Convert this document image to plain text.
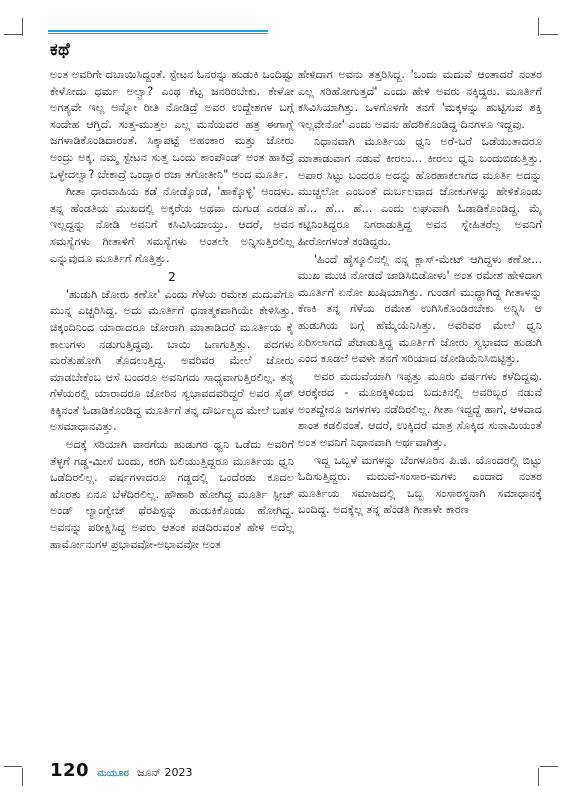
ಕಥೆ

ಅಂತ ಅವರಿಗೇ ದಬಾಯಿಸಿದ್ದಂತೆ. ಸ್ಟೇಟನ ಓನರನ್ನು ಹುಡುಕಿ ಒಂದಿಷ್ಟು ಕೇಳೋದು ಧರ್ಮ ಅಲ್ವಾ? ಎಂಥ ಕೆಟ್ಟ ಜನರಿರಬೇಕು. ಕೇಳೋ ಅಗತ್ಯವೇ ಇಲ್ಲ ಅನ್ನೋ ರೀತಿ ನೋಡಿದ್ರೆ ಅವರ ಉದ್ದೇಶಗಳ ಬಗ್ಗೆ ಸಂದೇಹ ಆಗ್ತಿದೆ. ಸುತ್ತ-ಮುತ್ತಲ ಎಲ್ಲ ಮನೆಯವರ ಹತ್ರ ಈಗಾಗ್ಲೆ ಜಗಳಾಡಿಕೊಂಡಿದಾರಂತೆ. ಸಿಕ್ಕಾಪಟ್ಟೆ ಅಹಂಕಾರ ಮತ್ತು ಜೋರು ಅಂದ್ರು ಅಕ್ಕ. ನಮ್ಮ ಸ್ಟೇಟನ ಸುತ್ತ ಒಂದು ಕಾಂಪೌಂಡ್ ಅಂತ ಹಾಕಿದ್ರೆ ಒಳ್ಳೇದಲ್ವಾ? ಬೇಕಾದ್ರೆ ಒಂದ್ಸಾರ ರಜಾ ತಗೋತೀನಿ" ಅಂದ ಮೂರ್ತಿ.

ಗೀತಾ ಧಾರವಾಹಿಯ ಕಡೆ ನೋಡ್ಕೊಂಡೆ, 'ಹಾಕ್ಕೊಳ್ಳಿ' ಅಂದಳು. ತನ್ನ ಹೆಂಡತಿಯ ಮುಖದಲ್ಲಿ ಅಕ್ಕರೆಯ ಅಥವಾ ದುಗುಡ ಎರಡೂ ಇಲ್ಲದ್ದನ್ನು ನೋಡಿ ಅವನಿಗೆ ಕಸಿವಿಸಿಯಾಯ್ತು. ಆದರೆ, ಅವನ ಸಮಸ್ಯೆಗಳು ಗೀತಾಳಿಗೆ ಸಮಸ್ಯೆಗಳು ಅಂತಲೇ ಅನ್ನಿಸುತ್ತಿರಲಿಲ್ಲ ಎನ್ನುವುದೂ ಮೂರ್ತಿಗೆ ಗೊತ್ತಿತ್ತು.

2

'ಹುಡುಗಿ ಜೋರು ಕಣೋ' ಎಂದು ಗೆಳೆಯ ರಮೇಶ ಮದುವೆಗೂ ಮುನ್ನ ಎಚ್ಚರಿಸಿದ್ದ. ಅದು ಮೂರ್ತಿಗೆ ಧನಾತ್ಮಕವಾಗಿಯೇ ಕೇಳಿಸಿತ್ತು. ಚಿಕ್ಕಂದಿನಿಂದ ಯಾರಾದರೂ ಜೋರಾಗಿ ಮಾತಾಡಿದರೆ ಮೂರ್ತಿಯ ಕೈ ಕಾಲುಗಳು ನಡುಗುತ್ತಿದ್ದವು. ಬಾಯಿ ಒಣಗುತ್ತಿತ್ತು. ಪದಗಳು ಮರೆತುಹೋಗಿ ತೊದಲುತ್ತಿದ್ದ. ಅವರಿವರ ಮೇಲೆ ಜೋರು ಮಾಡಬೇಕೆಂಬ ಆಸೆ ಬಂದರೂ ಅವನಿಗದು ಸಾಧ್ಯವಾಗುತ್ತಿರಲಿಲ್ಲ. ತನ್ನ ಗೆಳೆಯರಲ್ಲಿ ಯಾರಾದರೂ ಜೋರಿನ ಸ್ವಭಾವದವರಿದ್ದರೆ ಅವರ ಸೈಡ್ ಕಿಕ್ಕಿನಂತೆ ಓಡಾಡಿಕೊಂಡಿದ್ದ ಮೂರ್ತಿಗೆ ತನ್ನ ದೌರ್ಬಲ್ಯದ ಮೇಲೆ ಬಹಳ ಅಸಮಾಧಾನವಿತ್ತು.

ಅದಕ್ಕೆ ಸರಿಯಾಗಿ ವಾರಗೆಯ ಹುಡುಗರ ಧ್ವನಿ ಒಡೆದು ಅವರಿಗೆ ತೆಳ್ಳಗೆ ಗಡ್ಡ-ಮೀಸೆ ಬಂದು, ಕರಗಿ ಬಲಿಯುತ್ತಿದ್ದರೂ ಮೂರ್ತಿಯ ಧ್ವನಿ ಒಡೆದಿರಲಿಲ್ಲ. ವರ್ಷಗಳಾದರೂ ಗಡ್ಡದಲ್ಲಿ ಒಂದೆರಡು ಕೂದಲ ಹೊರತು ಏನೂ ಬೆಳೆದಿರಲಿಲ್ಲ. ಹೌಹಾರಿ ಹೋಗಿದ್ದ ಮೂರ್ತಿ ಸ್ಪೀಚ್ ಅಂಡ್ ಲ್ಯಾಂಗ್ವೇಜ್ ಥೆರಪಿಸ್ಟನ್ನು ಹುಡುಕಿಕೊಂಡು ಹೋಗಿದ್ದ. ಅವನನ್ನು ಪರೀಕ್ಷಿಸಿದ್ದ ಅವರು ಆತಂಕ ಪಡದಿರುವಂತೆ ಹೇಳಿ ಅದೆಲ್ಲ ಹಾರ್ಮೋನುಗಳ ಪ್ರಭಾವವೋ-ಅಭಾವವೋ ಅಂತ

ಹೇಳಿದಾಗ ಅವನು ತತ್ತರಿಸಿದ್ದ. 'ಒಂದು ಮದುವೆ ಆಂತಾದರೆ ನಂತರ ಎಲ್ಲ ಸರಿಹೋಗುತ್ತದೆ' ಎಂದು ಹೇಳಿ ಅವರು ನಕ್ಕಿದ್ದರು. ಮೂರ್ತಿಗೆ ಕಸಿವಿಸಿಯಾಗಿತ್ತು. ಒಳಗೊಳಗೇ ತನಗೆ 'ಮಕ್ಕಳನ್ನು ಹುಟ್ಟಿಸುವ ಶಕ್ತಿ ಇಲ್ಲವೇನೋ' ಎಂದು ಅವನು ಹೆದರಿಕೊಂಡಿದ್ದ ದಿನಗಳೂ ಇದ್ದವು.

ನಿಧಾನವಾಗಿ ಮೂರ್ತಿಯ ಧ್ವನಿ ಅರೆ-ಬರೆ ಒಡೆಯುತಾದರೂ ಮಾತಾಡುವಾಗ ನಡುವೆ ಕೀರಲು... ಕೀರಲು ಧ್ವನಿ ಬಂದುಬಿಡುತ್ತಿತ್ತು. ಅಪಾರ ಸಿಟ್ಟು ಬಂದರೂ ಅದನ್ನು ಹೊರಹಾಕಲಾಗದ ಮೂರ್ತಿ ಅದನ್ನು ಮುಚ್ಚಲೋ ಎಂಬಂತೆ ದುರ್ಬಲವಾದ ಜೋಕುಗಳನ್ನು ಹೇಳಿಕೊಂಡು ಹೆ... ಹೆ... ಹೆ... ಎಂದು ಲಘುವಾಗಿ ಓಡಾಡಿಕೊಂಡಿದ್ದ. ಮೈ ಕಟ್ಟಿನಿಂತಿದ್ದರೂ ನಿಗರಾಡುತ್ತಿದ್ದ ಅವನ ಸ್ನೇಹಿತರೆಲ್ಲ ಅವನಿಗೆ ಹೀರೋಗಳಂತೆ ಕಂಡಿದ್ದರು.

'ಹಿಂದೆ ಹೈಸ್ಕೂಲಿನಲ್ಲಿ ನನ್ನ ಕ್ಲಾಸ್-ಮೇಟ್ ಆಗಿದ್ದಳು ಕಣೋ... ಮುಖ ಮುಚಿ ನೋಡದೆ ಜಾಡಿಸಿಬಿಡೋಳು' ಅಂತ ರಮೇಶ ಹೇಳಿದಾಗ ಮೂರ್ತಿಗೆ ಏನೋ ಖುಷಿಯಾಗಿತ್ತು. ಗುಂಡಗೆ ಮುದ್ದಾಗಿದ್ದ ಗೀತಾಳನ್ನು ಕೆಣಕಿ ತನ್ನ ಗೆಳೆಯ ರಮೇಶ ಉಗಿಸಿಕೊಂಡಿರಬೇಕು ಅನ್ನಿಸಿ ಆ ಹುಡುಗಿಯ ಬಗ್ಗೆ ಹೆಮ್ಮೆಯೆನಿಸಿತ್ತು. ಅವರಿವರ ಮೇಲೆ ಧ್ವನಿ ಏರಿಸಲಾಗದೆ ಪೆಚಾಡುತ್ತಿದ್ದ ಮೂರ್ತಿಗೆ ಜೋರು ಸ್ವಭಾವದ ಹುಡುಗಿ ಎಂದ ಕೂಡಲೆ ಅವಳೇ ತನಗೆ ಸರಿಯಾದ ಜೋಡಿಯೆನಿಸಿಬಿಟ್ಟಿತ್ತು.

ಅವರ ಮದುವೆಯಾಗಿ ಇಪ್ಪತ್ತು ಮೂರು ವರ್ಷಗಳು ಕಳೆದಿದ್ದವು. ಆರಕ್ಕೇರದ - ಮೂರಕ್ಕಿಳಿಯದ ಬದುಕಿನಲ್ಲಿ ಅವರಿಬ್ಬರ ನಡುವೆ ಅಂತದ್ದೇನೂ ಜಗಳಗಳು ನಡೆದಿರಲಿಲ್ಲ. ಗೀತಾ ಇದ್ದದ್ದೆ ಹಾಗೆ, ಆಳವಾದ ಶಾಂತ ಕಡಲಿನಂತೆ. ಆದರೆ, ಉಕ್ಕಿದರೆ ಮಾತ್ರ ಸೊಕ್ಕಿದ ಸುನಾಮಿಯಂತೆ ಅಂತ ಅವನಿಗೆ ನಿಧಾನವಾಗಿ ಅರ್ಥವಾಗಿತ್ತು.

ಇದ್ದ ಒಬ್ಬಳೆ ಮಗಳನ್ನು ಬೆಂಗಳೂರಿನ ಪಿ.ಜಿ. ಯೊಂದರಲ್ಲಿ ಬಿಟ್ಟು ಓದಿಸುತ್ತಿದ್ದರು. ಮದುವೆ-ಸಂಸಾರ-ಮಗಳು ಎಂದಾದ ನಂತರ ಮೂರ್ತಿಯ ಸಮಾಜದಲ್ಲಿ ಒಬ್ಬ ಸಂಸಾರಸ್ಥನಾಗಿ ಸಮಾಧಾನಕ್ಕೆ ಬಂದಿದ್ದ. ಅದಕ್ಕೆಲ್ಲ ತನ್ನ ಹೆಂಡತಿ ಗೀತಾಳೇ ಕಾರಣ

120 ಮಯೂರ ಜೂನ್ 2023
